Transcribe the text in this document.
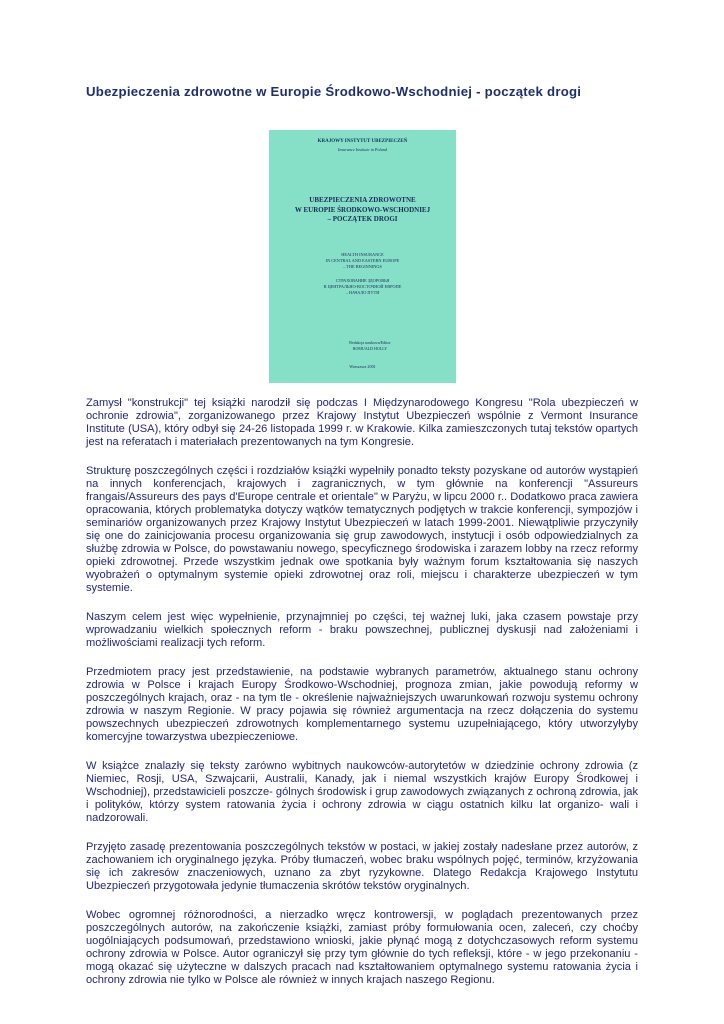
Ubezpieczenia zdrowotne w Europie Środkowo-Wschodniej - początek drogi
KRAJOWY INSTYTUT UBEZPIECZEŃ
Insurance Institute in Poland
UBEZPIECZENIA ZDROWOTNE
W EUROPIE ŚRODKOWO-WSCHODNIEJ
– POCZĄTEK DROGI
HEALTH INSURANCE
IN CENTRAL AND EASTERN EUROPE
– THE BEGINNINGS
СТРАХОВАНИЕ ЗДОРОВЬЯ
В ЦЕНТРАЛЬНО-ВОСТОЧНОЙ ЕВРОПЕ
– НАЧАЛО ПУТИ
Redakcja naukowa/Editor
ROMUALD HOLLY
Warszawa 2001

Zamysł "konstrukcji" tej książki narodził się podczas I Międzynarodowego Kongresu "Rola ubezpieczeń w ochronie zdrowia", zorganizowanego przez Krajowy Instytut Ubezpieczeń wspólnie z Vermont Insurance Institute (USA), który odbył się 24-26 listopada 1999 r. w Krakowie. Kilka zamieszczonych tutaj tekstów opartych jest na referatach i materiałach prezentowanych na tym Kongresie.

Strukturę poszczególnych części i rozdziałów książki wypełniły ponadto teksty pozyskane od autorów wystąpień na innych konferencjach, krajowych i zagranicznych, w tym głównie na konferencji "Assureurs frangais/Assureurs des pays d'Europe centrale et orientale" w Paryżu, w lipcu 2000 r.. Dodatkowo praca zawiera opracowania, których problematyka dotyczy wątków tematycznych podjętych w trakcie konferencji, sympozjów i seminariów organizowanych przez Krajowy Instytut Ubezpieczeń w latach 1999-2001. Niewątpliwie przyczyniły się one do zainicjowania procesu organizowania się grup zawodowych, instytucji i osób odpowiedzialnych za służbę zdrowia w Polsce, do powstawaniu nowego, specyficznego środowiska i zarazem lobby na rzecz reformy opieki zdrowotnej. Przede wszystkim jednak owe spotkania były ważnym forum kształtowania się naszych wyobrażeń o optymalnym systemie opieki zdrowotnej oraz roli, miejscu i charakterze ubezpieczeń w tym systemie.

Naszym celem jest więc wypełnienie, przynajmniej po części, tej ważnej luki, jaka czasem powstaje przy wprowadzaniu wielkich społecznych reform - braku powszechnej, publicznej dyskusji nad założeniami i możliwościami realizacji tych reform.

Przedmiotem pracy jest przedstawienie, na podstawie wybranych parametrów, aktualnego stanu ochrony zdrowia w Polsce i krajach Europy Środkowo-Wschodniej, prognoza zmian, jakie powodują reformy w poszczególnych krajach, oraz - na tym tle - określenie najważniejszych uwarunkowań rozwoju systemu ochrony zdrowia w naszym Regionie. W pracy pojawia się również argumentacja na rzecz dołączenia do systemu powszechnych ubezpieczeń zdrowotnych komplementarnego systemu uzupełniającego, który utworzyłyby komercyjne towarzystwa ubezpieczeniowe.

W książce znalazły się teksty zarówno wybitnych naukowców-autorytetów w dziedzinie ochrony zdrowia (z Niemiec, Rosji, USA, Szwajcarii, Australii, Kanady, jak i niemal wszystkich krajów Europy Środkowej i Wschodniej), przedstawicieli poszcze- gólnych środowisk i grup zawodowych związanych z ochroną zdrowia, jak i polityków, którzy system ratowania życia i ochrony zdrowia w ciągu ostatnich kilku lat organizo- wali i nadzorowali.

Przyjęto zasadę prezentowania poszczególnych tekstów w postaci, w jakiej zostały nadesłane przez autorów, z zachowaniem ich oryginalnego języka. Próby tłumaczeń, wobec braku wspólnych pojęć, terminów, krzyżowania się ich zakresów znaczeniowych, uznano za zbyt ryzykowne. Dlatego Redakcja Krajowego Instytutu Ubezpieczeń przygotowała jedynie tłumaczenia skrótów tekstów oryginalnych.

Wobec ogromnej różnorodności, a nierzadko wręcz kontrowersji, w poglądach prezentowanych przez poszczególnych autorów, na zakończenie książki, zamiast próby formułowania ocen, zaleceń, czy choćby uogólniających podsumowań, przedstawiono wnioski, jakie płynąć mogą z dotychczasowych reform systemu ochrony zdrowia w Polsce. Autor ograniczył się przy tym głównie do tych refleksji, które - w jego przekonaniu - mogą okazać się użyteczne w dalszych pracach nad kształtowaniem optymalnego systemu ratowania życia i ochrony zdrowia nie tylko w Polsce ale również w innych krajach naszego Regionu.
